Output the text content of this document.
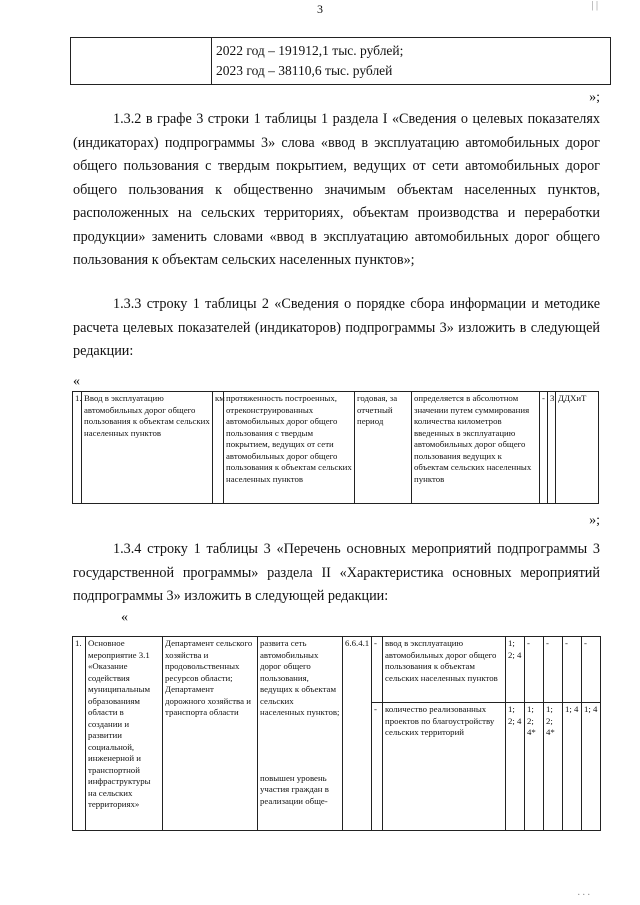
3	| |

2022 год – 191912,1 тыс. рублей;
2023 год – 38110,6 тыс. рублей
»;

1.3.2 в графе 3 строки 1 таблицы 1 раздела I «Сведения о целевых показателях (индикаторах) подпрограммы 3» слова «ввод в эксплуатацию автомобильных дорог общего пользования с твердым покрытием, ведущих от сети автомобильных дорог общего пользования к общественно значимым объектам населенных пунктов, расположенных на сельских территориях, объектам производства и переработки продукции» заменить словами «ввод в эксплуатацию автомобильных дорог общего пользования к объектам сельских населенных пунктов»;

1.3.3 строку 1 таблицы 2 «Сведения о порядке сбора информации и методике расчета целевых показателей (индикаторов) подпрограммы 3» изложить в следующей редакции:

«
1.	Ввод в эксплуатацию автомобильных дорог общего пользования к объектам сельских населенных пунктов	км	протяженность построенных, отреконструированных автомобильных дорог общего пользования с твердым покрытием, ведущих от сети автомобильных дорог общего пользования к объектам сельских населенных пунктов	годовая, за отчетный период	определяется в абсолютном значении путем суммирования количества километров введенных в эксплуатацию автомобильных дорог общего пользования ведущих к объектам сельских населенных пунктов	-	3	ДДХиТ
»;

1.3.4 строку 1 таблицы 3 «Перечень основных мероприятий подпрограммы 3 государственной программы» раздела II «Характеристика основных мероприятий подпрограммы 3» изложить в следующей редакции:

«
1.	Основное мероприятие 3.1 «Оказание содействия муниципальным образованиям области в создании и развитии социальной, инженерной и транспортной инфраструктуры на сельских территориях»	Департамент сельского хозяйства и продовольственных ресурсов области; Департамент дорожного хозяйства и транспорта области	развита сеть автомобильных дорог общего пользования, ведущих к объектам сельских населенных пунктов;
повышен уровень участия граждан в реализации обще-	6.6.4.1	-	ввод в эксплуатацию автомобильных дорог общего пользования к объектам сельских населенных пунктов	1; 2; 4	-	-	-	-
					-	количество реализованных проектов по благоустройству сельских территорий	1; 2; 4	1; 2; 4*	1; 2; 4*	1; 4	1; 4
. . .
